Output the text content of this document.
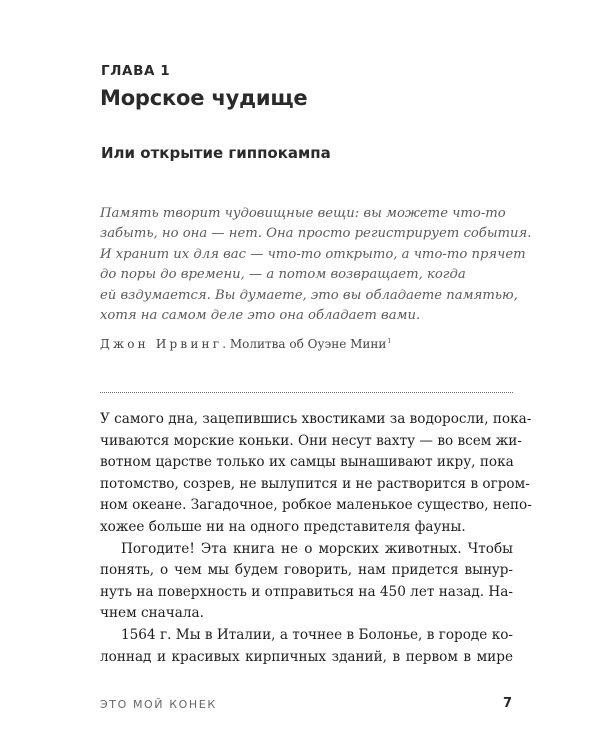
ГЛАВА 1
Морское чудище
Или открытие гиппокампа
Память творит чудовищные вещи: вы можете что-то
забыть, но она — нет. Она просто регистрирует события.
И хранит их для вас — что-то открыто, а что-то прячет
до поры до времени, — а потом возвращает, когда
ей вздумается. Вы думаете, это вы обладаете памятью,
хотя на самом деле это она обладает вами.
Джон Ирвинг. Молитва об Оуэне Мини$^1$
У самого дна, зацепившись хвостиками за водоросли, пока-
чиваются морские коньки. Они несут вахту — во всем жи-
вотном царстве только их самцы вынашивают икру, пока
потомство, созрев, не вылупится и не растворится в огром-
ном океане. Загадочное, робкое маленькое существо, непо-
хожее больше ни на одного представителя фауны.
Погодите! Эта книга не о морских животных. Чтобы
понять, о чем мы будем говорить, нам придется вынyр-
нуть на поверхность и отправиться на 450 лет назад. На-
чнем сначала.
1564 г. Мы в Италии, а точнее в Болонье, в городе ко-
лоннад и красивых кирпичных зданий, в первом в мире
ЭТО МОЙ КОНЕК	7
